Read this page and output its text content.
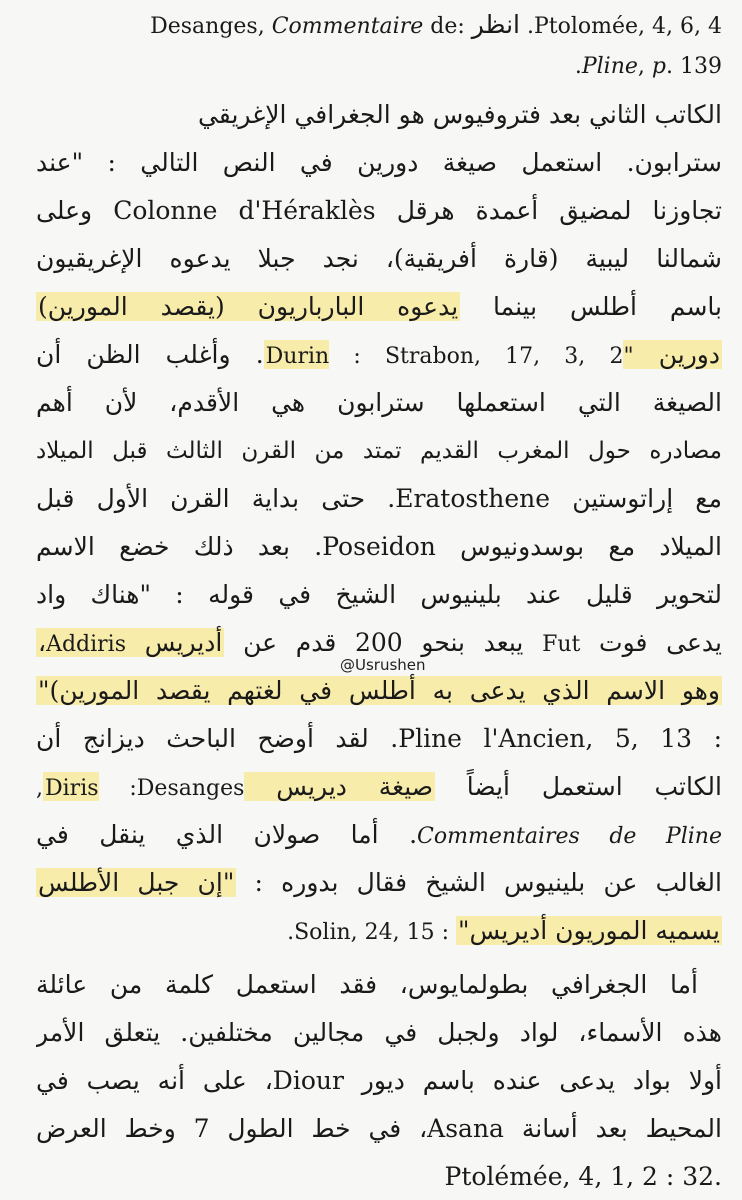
Desanges, Commentaire de: انظر .Ptolomée, 4, 6, 4
.Pline, p. 139
الكاتب الثاني بعد فتروفيوس هو الجغرافي الإغريقي
سترابون. استعمل صيغة دورين في النص التالي : "عند
تجاوزنا لمضيق أعمدة هرقل Colonne d'Héraklès وعلى
شمالنا ليبية (قارة أفريقية)، نجد جبلا يدعوه الإغريقيون
باسم أطلس بينما يدعوه البارباريون (يقصد المورين)
دورين "Durin : Strabon, 17, 3, 2. وأغلب الظن أن
الصيغة التي استعملها سترابون هي الأقدم، لأن أهم
مصادره حول المغرب القديم تمتد من القرن الثالث قبل الميلاد
مع إراتوستين Eratosthene. حتى بداية القرن الأول قبل
الميلاد مع بوسدونيوس Poseidon. بعد ذلك خضع الاسم
لتحوير قليل عند بلينيوس الشيخ في قوله : "هناك واد
يدعى فوت Fut يبعد بنحو 200 قدم عن أديريس Addiris،
@Usrushen
وهو الاسم الذي يدعى به أطلس في لغتهم يقصد المورين)"
: Pline l'Ancien, 5, 13. لقد أوضح الباحث ديزانج أن
الكاتب استعمل أيضاً صيغة ديريس Diris :Desanges,
Commentaires de Pline. أما صولان الذي ينقل في
الغالب عن بلينيوس الشيخ فقال بدوره : "إن جبل الأطلس
يسميه الموريون أديريس" : Solin, 24, 15.
أما الجغرافي بطولمايوس، فقد استعمل كلمة من عائلة
هذه الأسماء، لواد ولجبل في مجالين مختلفين. يتعلق الأمر
أولا بواد يدعى عنده باسم ديور Diour، على أنه يصب في
المحيط بعد أسانة Asana، في خط الطول 7 وخط العرض
.Ptolémée, 4, 1, 2 : 32
